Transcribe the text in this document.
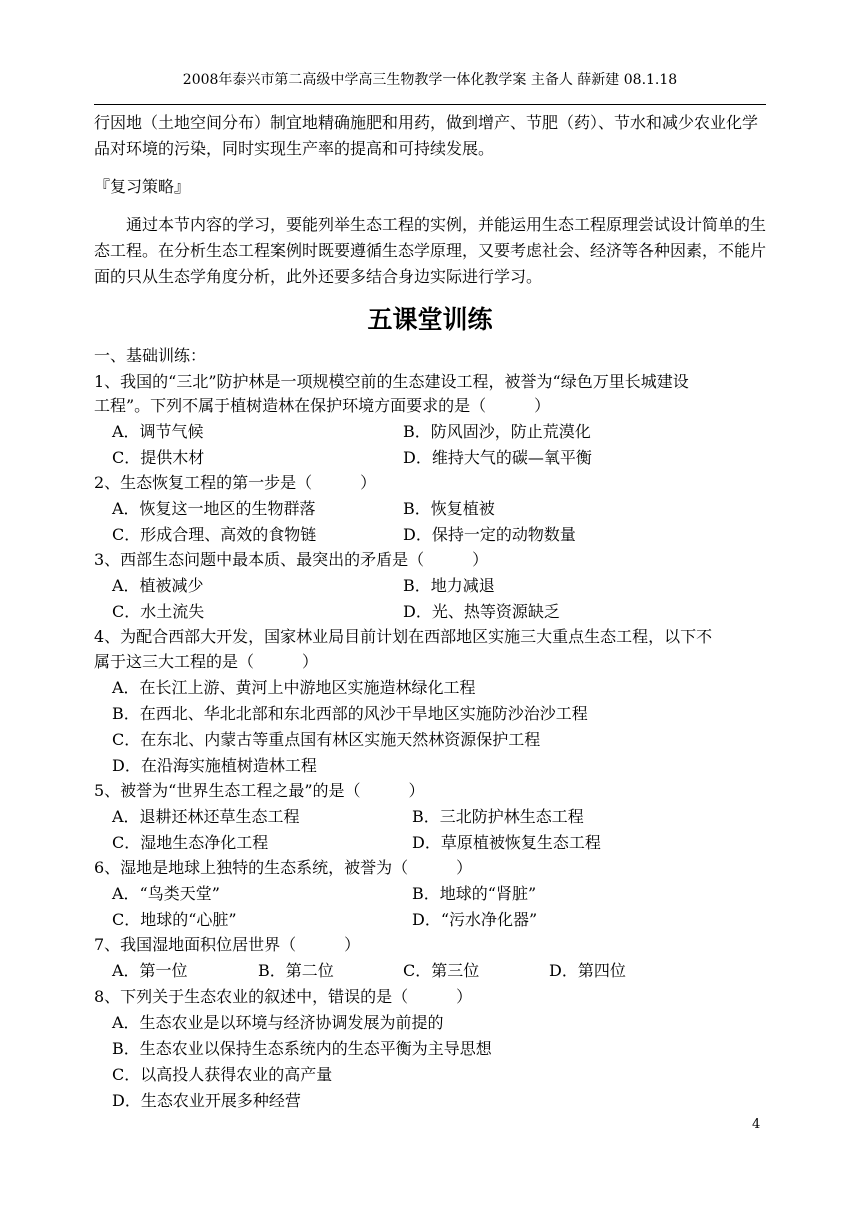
2008年泰兴市第二高级中学高三生物教学一体化教学案 主备人 薛新建 08.1.18
行因地（土地空间分布）制宜地精确施肥和用药，做到增产、节肥（药）、节水和减少农业化学品对环境的污染，同时实现生产率的提高和可持续发展。
『复习策略』
通过本节内容的学习，要能列举生态工程的实例，并能运用生态工程原理尝试设计简单的生态工程。在分析生态工程案例时既要遵循生态学原理，又要考虑社会、经济等各种因素，不能片面的只从生态学角度分析，此外还要多结合身边实际进行学习。
五课堂训练
一、基础训练：
1、我国的“三北”防护林是一项规模空前的生态建设工程，被誉为“绿色万里长城建设
工程”。下列不属于植树造林在保护环境方面要求的是（　　　）
A．调节气候	B．防风固沙，防止荒漠化
C．提供木材	D．维持大气的碳—氧平衡
2、生态恢复工程的第一步是（　　　）
A．恢复这一地区的生物群落	B．恢复植被
C．形成合理、高效的食物链	D．保持一定的动物数量
3、西部生态问题中最本质、最突出的矛盾是（　　　）
A．植被减少	B．地力减退
C．水土流失	D．光、热等资源缺乏
4、为配合西部大开发，国家林业局目前计划在西部地区实施三大重点生态工程，以下不
属于这三大工程的是（　　　）
A．在长江上游、黄河上中游地区实施造林绿化工程
B．在西北、华北北部和东北西部的风沙干旱地区实施防沙治沙工程
C．在东北、内蒙古等重点国有林区实施天然林资源保护工程
D．在沿海实施植树造林工程
5、被誉为“世界生态工程之最”的是（　　　）
A．退耕还林还草生态工程	B．三北防护林生态工程
C．湿地生态净化工程	D．草原植被恢复生态工程
6、湿地是地球上独特的生态系统，被誉为（　　　）
A．“鸟类天堂”	B．地球的“肾脏”
C．地球的“心脏”	D．“污水净化器”
7、我国湿地面积位居世界（　　　）
A．第一位	B．第二位	C．第三位	D．第四位
8、下列关于生态农业的叙述中，错误的是（　　　）
A．生态农业是以环境与经济协调发展为前提的
B．生态农业以保持生态系统内的生态平衡为主导思想
C．以高投人获得农业的高产量
D．生态农业开展多种经营
4
